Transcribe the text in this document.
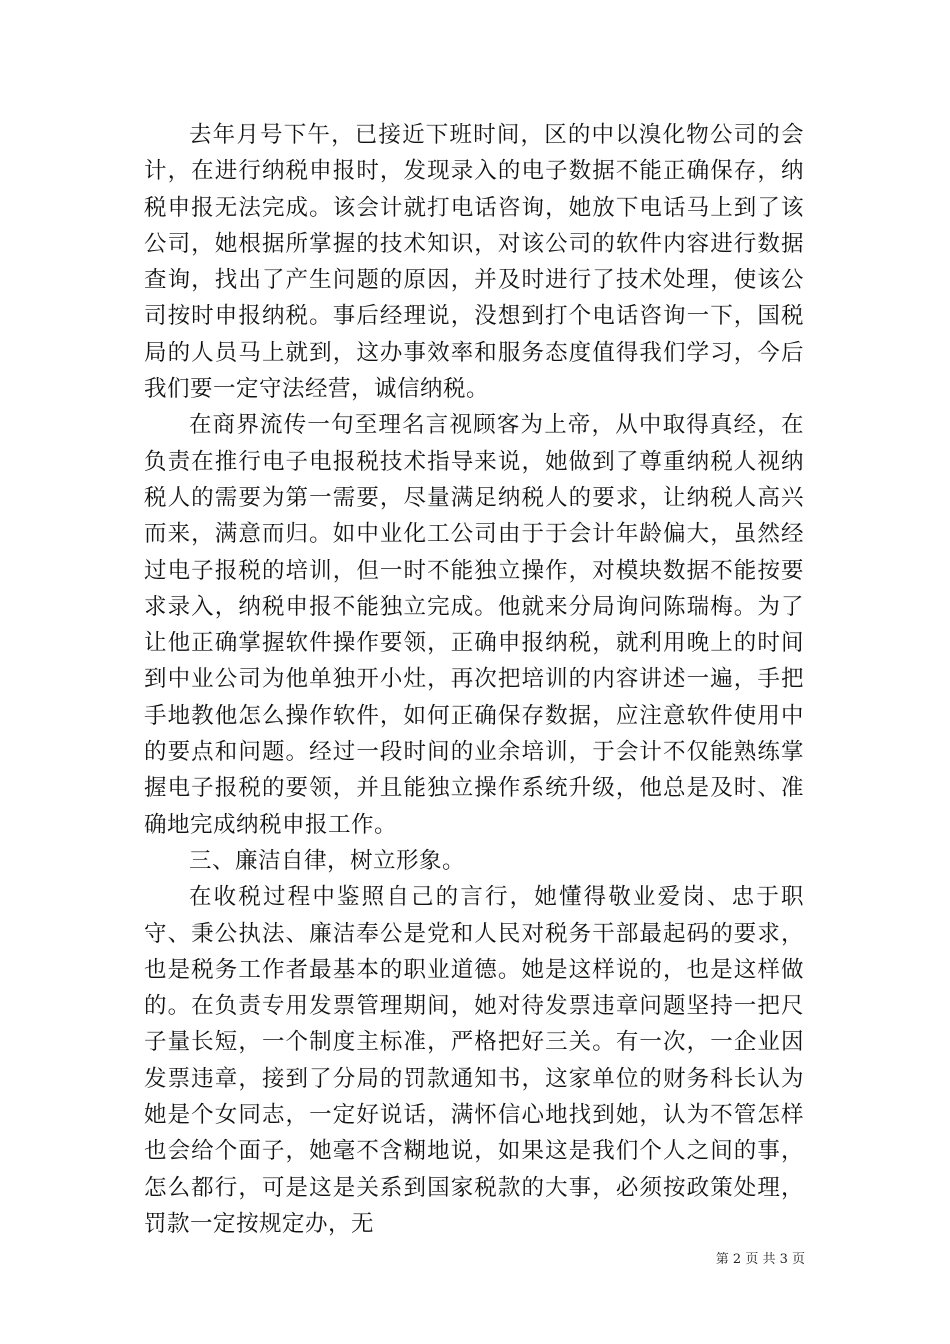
去年月号下午，已接近下班时间，区的中以溴化物公司的会计，在进行纳税申报时，发现录入的电子数据不能正确保存，纳税申报无法完成。该会计就打电话咨询，她放下电话马上到了该公司，她根据所掌握的技术知识，对该公司的软件内容进行数据查询，找出了产生问题的原因，并及时进行了技术处理，使该公司按时申报纳税。事后经理说，没想到打个电话咨询一下，国税局的人员马上就到，这办事效率和服务态度值得我们学习，今后我们要一定守法经营，诚信纳税。

在商界流传一句至理名言视顾客为上帝，从中取得真经，在负责在推行电子电报税技术指导来说，她做到了尊重纳税人视纳税人的需要为第一需要，尽量满足纳税人的要求，让纳税人高兴而来，满意而归。如中业化工公司由于于会计年龄偏大，虽然经过电子报税的培训，但一时不能独立操作，对模块数据不能按要求录入，纳税申报不能独立完成。他就来分局询问陈瑞梅。为了让他正确掌握软件操作要领，正确申报纳税，就利用晚上的时间到中业公司为他单独开小灶，再次把培训的内容讲述一遍，手把手地教他怎么操作软件，如何正确保存数据，应注意软件使用中的要点和问题。经过一段时间的业余培训，于会计不仅能熟练掌握电子报税的要领，并且能独立操作系统升级，他总是及时、准确地完成纳税申报工作。

三、廉洁自律，树立形象。

在收税过程中鉴照自己的言行，她懂得敬业爱岗、忠于职守、秉公执法、廉洁奉公是党和人民对税务干部最起码的要求，也是税务工作者最基本的职业道德。她是这样说的，也是这样做的。在负责专用发票管理期间，她对待发票违章问题坚持一把尺子量长短，一个制度主标准，严格把好三关。有一次，一企业因发票违章，接到了分局的罚款通知书，这家单位的财务科长认为她是个女同志，一定好说话，满怀信心地找到她，认为不管怎样也会给个面子，她毫不含糊地说，如果这是我们个人之间的事，怎么都行，可是这是关系到国家税款的大事，必须按政策处理，罚款一定按规定办，无

第 2 页 共 3 页
